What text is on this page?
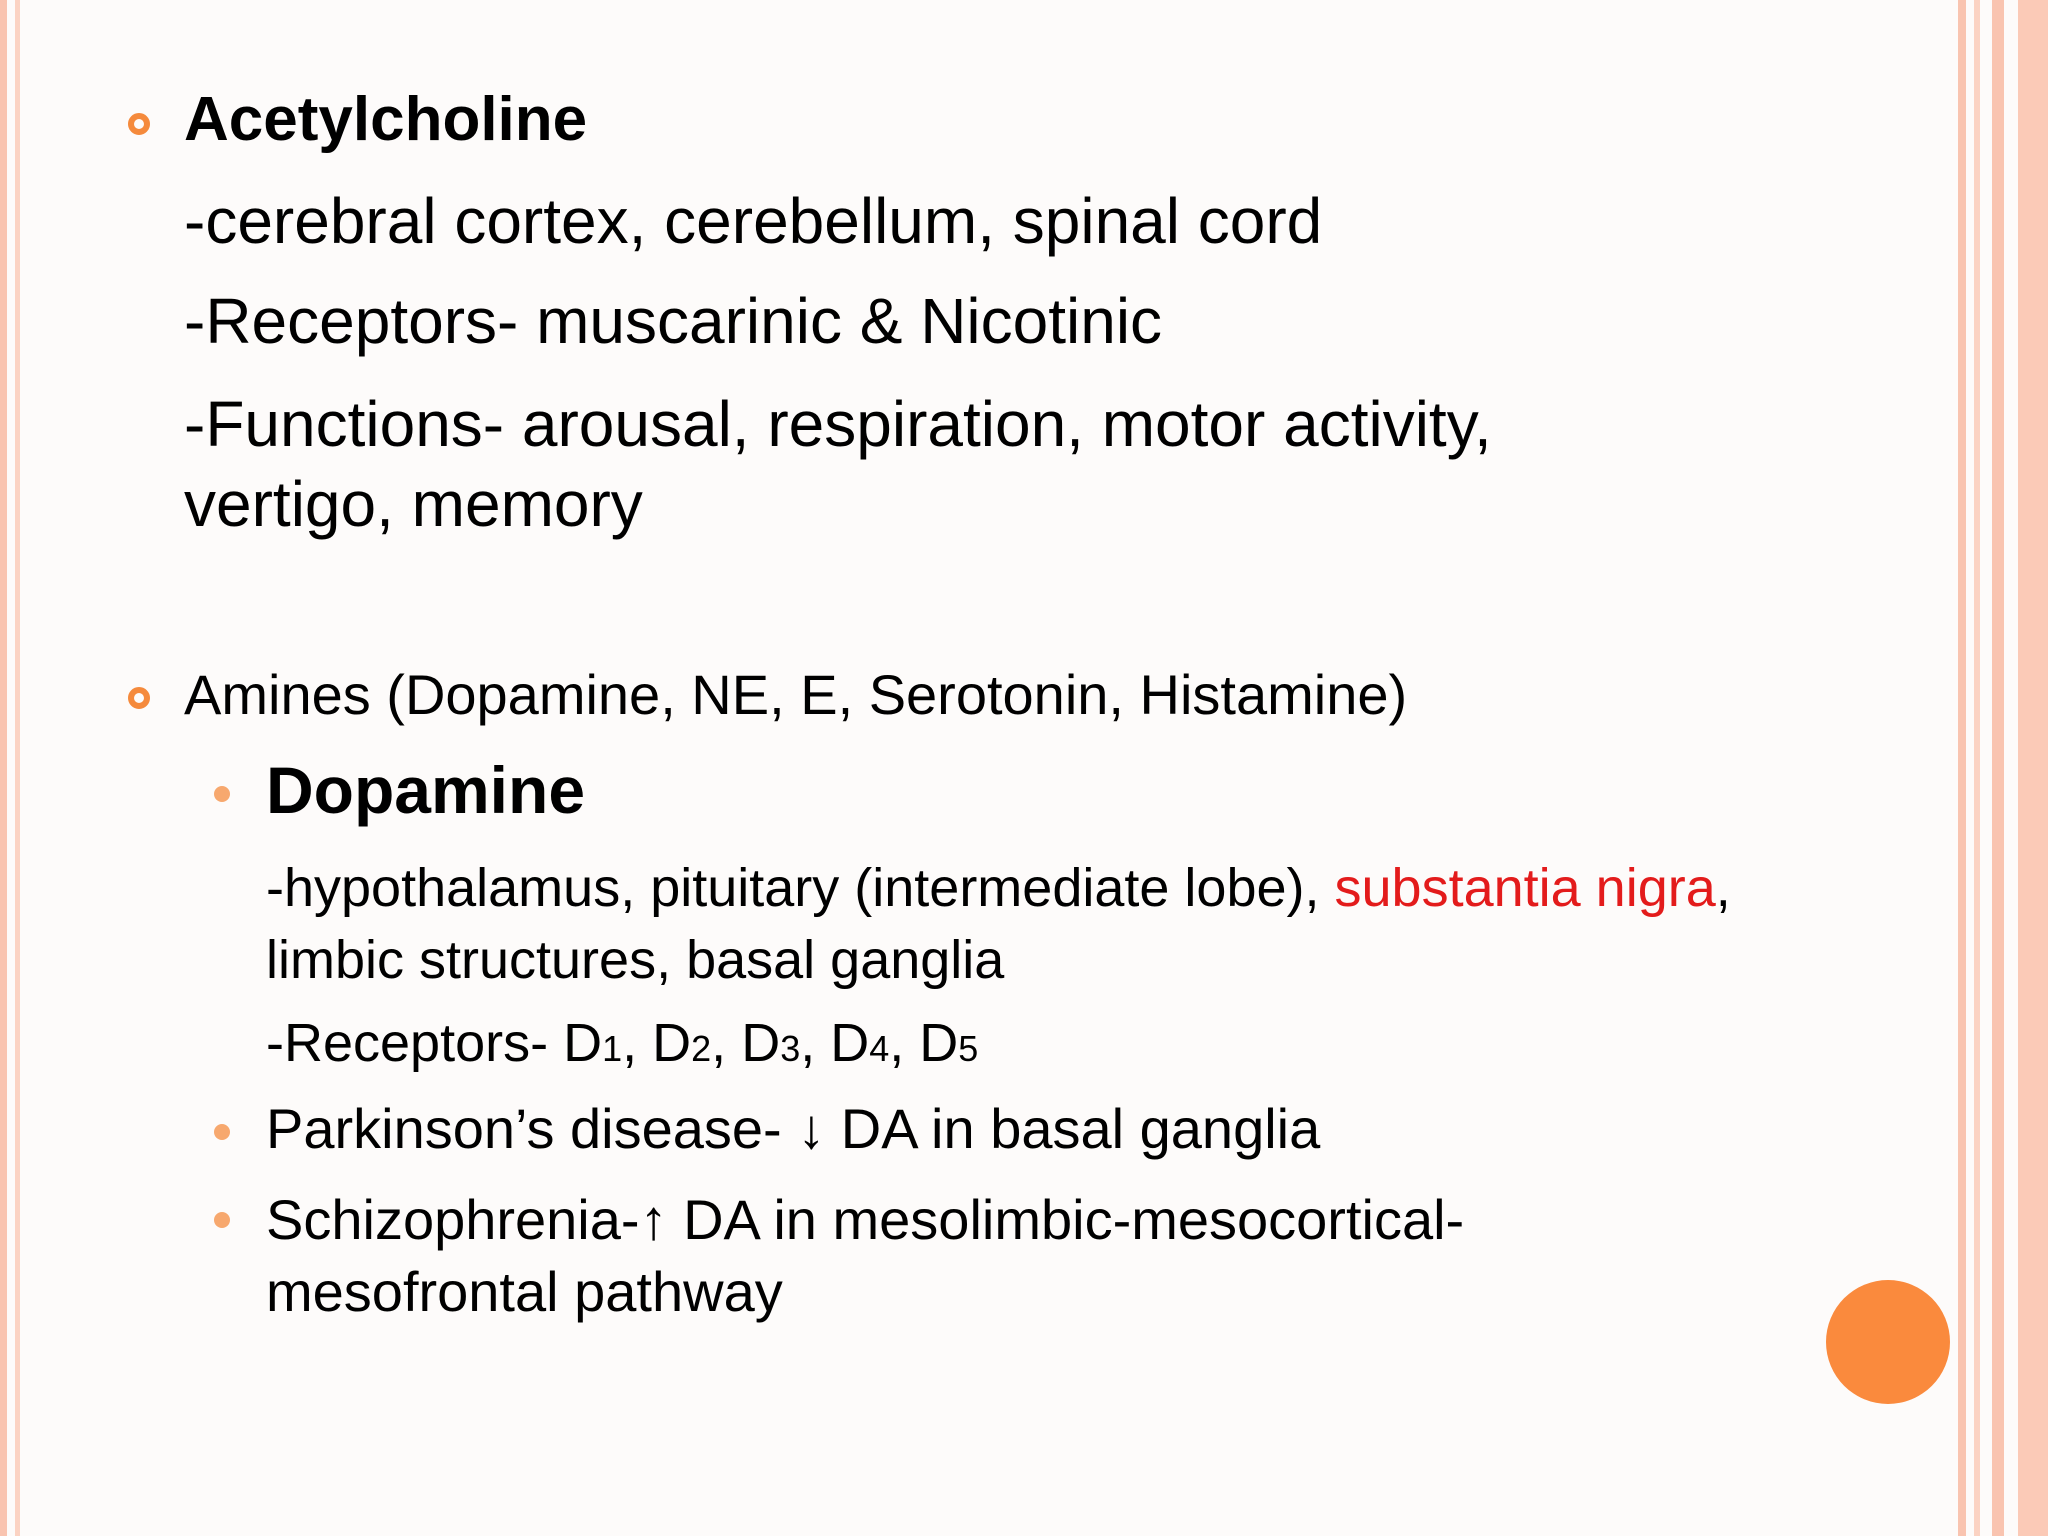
Acetylcholine
-cerebral cortex, cerebellum, spinal cord
-Receptors- muscarinic & Nicotinic
-Functions- arousal, respiration, motor activity, vertigo, memory
Amines (Dopamine, NE, E, Serotonin, Histamine)
Dopamine
-hypothalamus, pituitary (intermediate lobe), substantia nigra, limbic structures, basal ganglia
-Receptors- D1, D2, D3, D4, D5
Parkinson’s disease- ↓ DA in basal ganglia
Schizophrenia-↑ DA in mesolimbic-mesocortical-mesofrontal pathway
